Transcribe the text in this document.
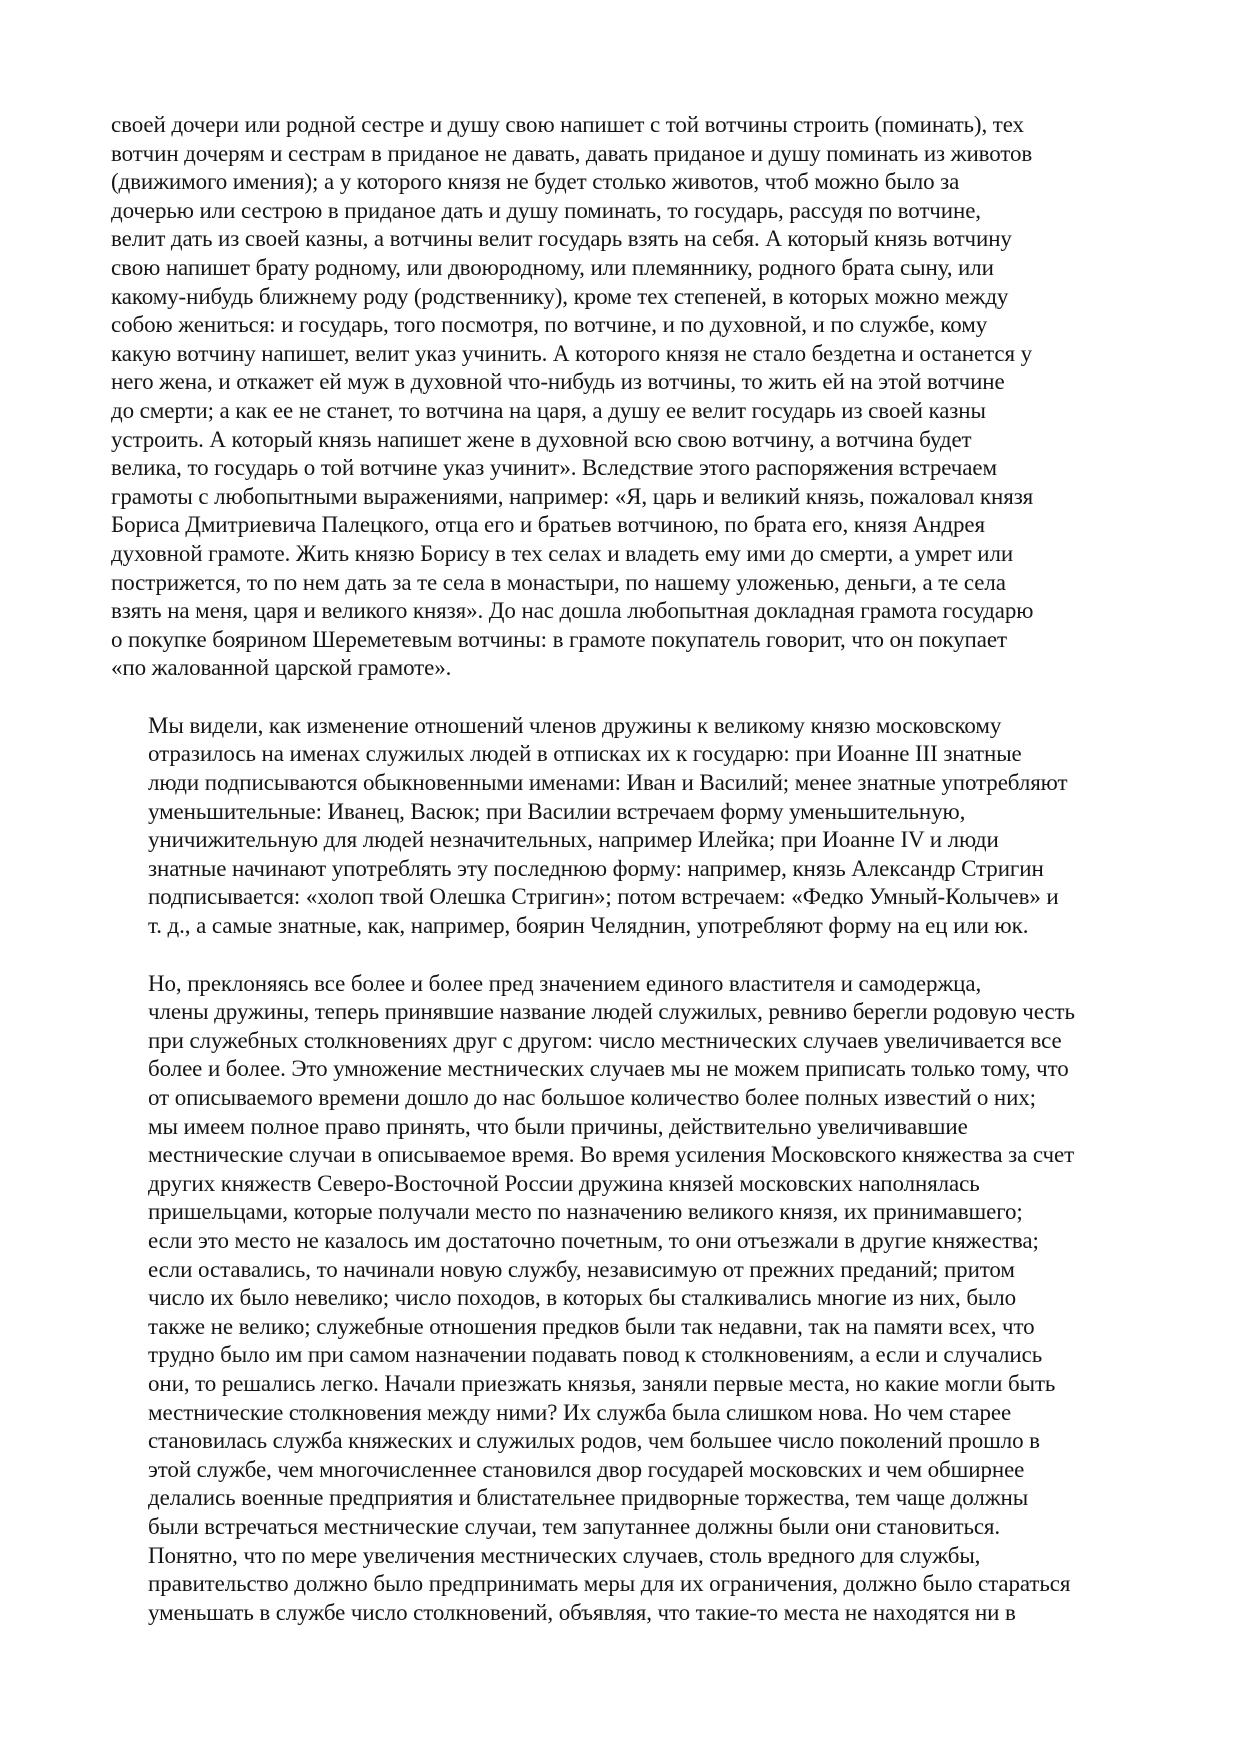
своей дочери или родной сестре и душу свою напишет с той вотчины строить (поминать), тех
вотчин дочерям и сестрам в приданое не давать, давать приданое и душу поминать из животов
(движимого имения); а у которого князя не будет столько животов, чтоб можно было за
дочерью или сестрою в приданое дать и душу поминать, то государь, рассудя по вотчине,
велит дать из своей казны, а вотчины велит государь взять на себя. А который князь вотчину
свою напишет брату родному, или двоюродному, или племяннику, родного брата сыну, или
какому-нибудь ближнему роду (родственнику), кроме тех степеней, в которых можно между
собою жениться: и государь, того посмотря, по вотчине, и по духовной, и по службе, кому
какую вотчину напишет, велит указ учинить. А которого князя не стало бездетна и останется у
него жена, и откажет ей муж в духовной что-нибудь из вотчины, то жить ей на этой вотчине
до смерти; а как ее не станет, то вотчина на царя, а душу ее велит государь из своей казны
устроить. А который князь напишет жене в духовной всю свою вотчину, а вотчина будет
велика, то государь о той вотчине указ учинит». Вследствие этого распоряжения встречаем
грамоты с любопытными выражениями, например: «Я, царь и великий князь, пожаловал князя
Бориса Дмитриевича Палецкого, отца его и братьев вотчиною, по брата его, князя Андрея
духовной грамоте. Жить князю Борису в тех селах и владеть ему ими до смерти, а умрет или
пострижется, то по нем дать за те села в монастыри, по нашему уложенью, деньги, а те села
взять на меня, царя и великого князя». До нас дошла любопытная докладная грамота государю
о покупке боярином Шереметевым вотчины: в грамоте покупатель говорит, что он покупает
«по жалованной царской грамоте».
Мы видели, как изменение отношений членов дружины к великому князю московскому
отразилось на именах служилых людей в отписках их к государю: при Иоанне III знатные
люди подписываются обыкновенными именами: Иван и Василий; менее знатные употребляют
уменьшительные: Иванец, Васюк; при Василии встречаем форму уменьшительную,
уничижительную для людей незначительных, например Илейка; при Иоанне IV и люди
знатные начинают употреблять эту последнюю форму: например, князь Александр Стригин
подписывается: «холоп твой Олешка Стригин»; потом встречаем: «Федко Умный-Колычев» и
т. д., а самые знатные, как, например, боярин Челяднин, употребляют форму на ец или юк.
Но, преклоняясь все более и более пред значением единого властителя и самодержца,
члены дружины, теперь принявшие название людей служилых, ревниво берегли родовую честь
при служебных столкновениях друг с другом: число местнических случаев увеличивается все
более и более. Это умножение местнических случаев мы не можем приписать только тому, что
от описываемого времени дошло до нас большое количество более полных известий о них;
мы имеем полное право принять, что были причины, действительно увеличивавшие
местнические случаи в описываемое время. Во время усиления Московского княжества за счет
других княжеств Северо-Восточной России дружина князей московских наполнялась
пришельцами, которые получали место по назначению великого князя, их принимавшего;
если это место не казалось им достаточно почетным, то они отъезжали в другие княжества;
если оставались, то начинали новую службу, независимую от прежних преданий; притом
число их было невелико; число походов, в которых бы сталкивались многие из них, было
также не велико; служебные отношения предков были так недавни, так на памяти всех, что
трудно было им при самом назначении подавать повод к столкновениям, а если и случались
они, то решались легко. Начали приезжать князья, заняли первые места, но какие могли быть
местнические столкновения между ними? Их служба была слишком нова. Но чем старее
становилась служба княжеских и служилых родов, чем большее число поколений прошло в
этой службе, чем многочисленнее становился двор государей московских и чем обширнее
делались военные предприятия и блистательнее придворные торжества, тем чаще должны
были встречаться местнические случаи, тем запутаннее должны были они становиться.
Понятно, что по мере увеличения местнических случаев, столь вредного для службы,
правительство должно было предпринимать меры для их ограничения, должно было стараться
уменьшать в службе число столкновений, объявляя, что такие-то места не находятся ни в
